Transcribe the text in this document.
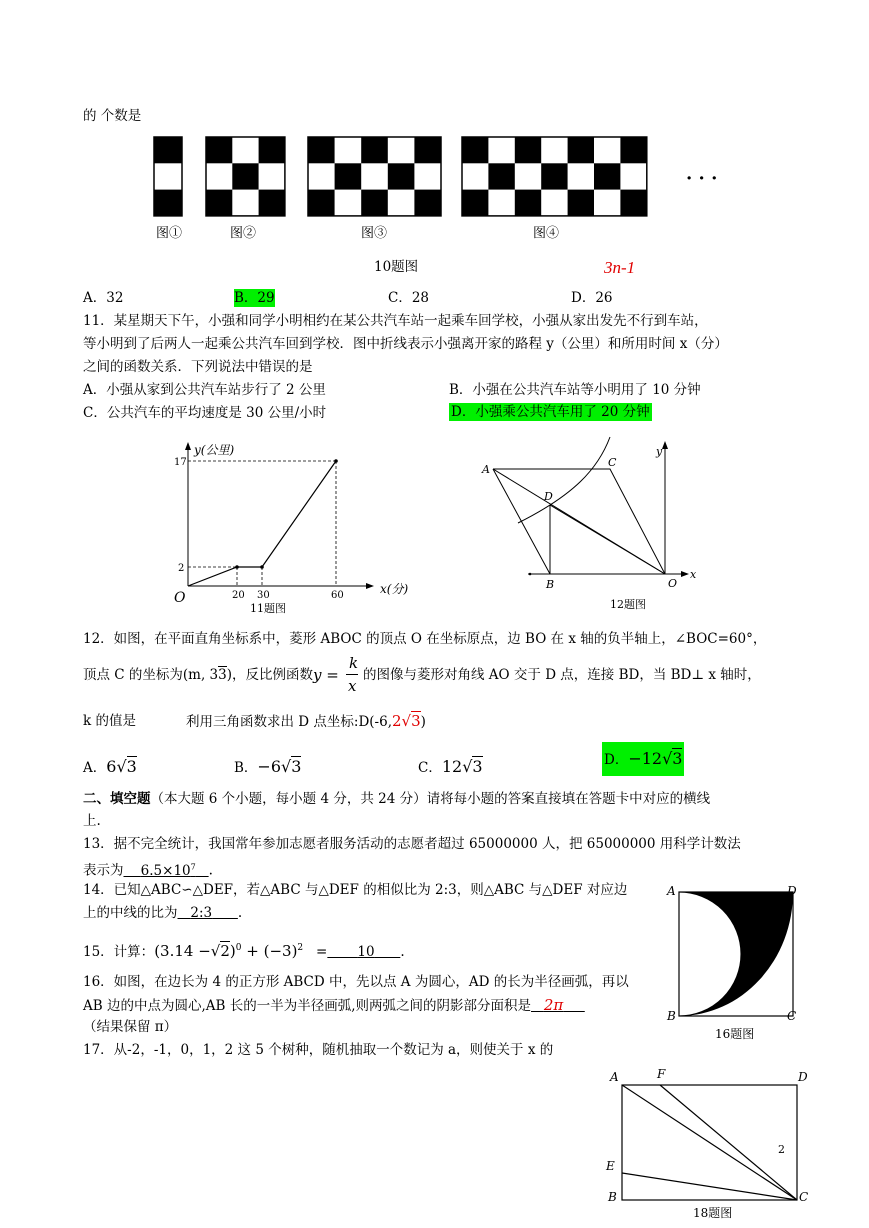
的 个数是
图①	图②	图③	图④
· · ·
10题图	3n-1
A．32	B．29	C．28	D．26
11．某星期天下午，小强和同学小明相约在某公共汽车站一起乘车回学校，小强从家出发先不行到车站，
等小明到了后两人一起乘公共汽车回到学校．图中折线表示小强离开家的路程 y（公里）和所用时间 x（分）
之间的函数关系．下列说法中错误的是
A．小强从家到公共汽车站步行了 2 公里	B．小强在公共汽车站等小明用了 10 分钟
C．公共汽车的平均速度是 30 公里/小时	D．小强乘公共汽车用了 20 分钟
y(公里)
17
2
20 30	60
O
11题图
x(分)
A
C
D
B	O
x
y
12题图
12．如图，在平面直角坐标系中，菱形 ABOC 的顶点 O 在坐标原点，边 BO 在 x 轴的负半轴上，∠BOC=60°，
顶点 C 的坐标为(m, 33)，反比例函数 y =
k
x
的图像与菱形对角线 AO 交于 D 点，连接 BD，当 BD⊥ x 轴时，
k 的值是	利用三角函数求出 D 点坐标:D(-6,2√3)
A．6√3	B．−6√3	C．12√3	D．−12√3
二、填空题（本大题 6 个小题，每小题 4 分，共 24 分）请将每小题的答案直接填在答题卡中对应的横线
上.
13．据不完全统计，我国常年参加志愿者服务活动的志愿者超过 65000000 人，把 65000000 用科学计数法
表示为 $6.5\times 10^7$ .
14．已知△ABC∽△DEF，若△ABC 与△DEF 的相似比为 2:3，则△ABC 与△DEF 对应边
上的中线的比为 2:3 .
15．计算：$(3.14 -√2)^0 + (-3)^2 = 10$ .
16．如图，在边长为 4 的正方形 ABCD 中，先以点 A 为圆心，AD 的长为半径画弧，再以
AB 边的中点为圆心,AB 长的一半为半径画弧,则两弧之间的阴影部分面积是 2π
（结果保留 π）
A	D
B	C
16题图
17．从-2，-1，0，1，2 这 5 个树种，随机抽取一个数记为 a，则使关于 x 的
A	F	D
E
B	C
2
18题图
